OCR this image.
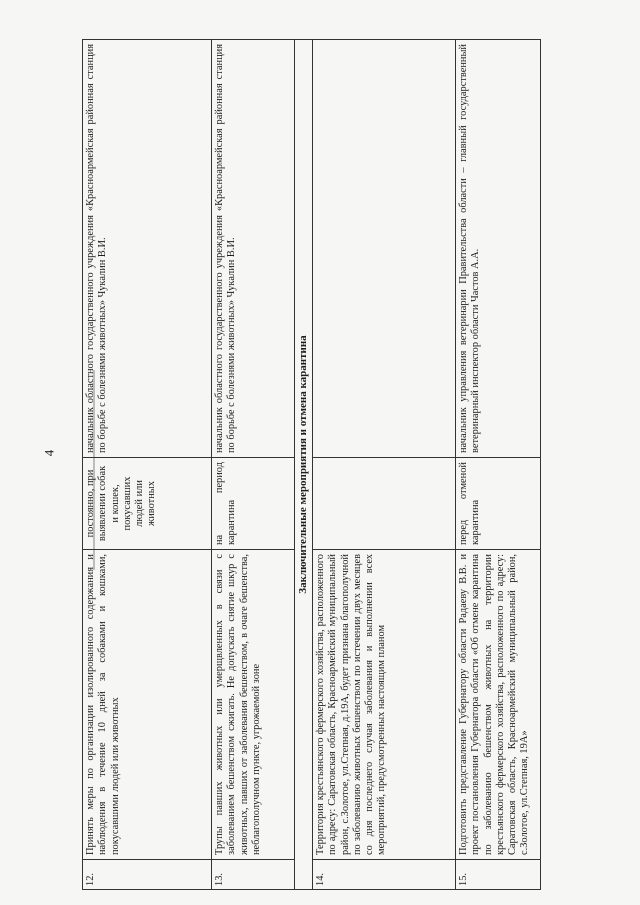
4
12.	Принять меры по организации изолированного содержания и наблюдения в течение 10 дней за собаками и кошками, покусавшими людей или животных	постоянно, при выявлении собак и кошек, покусавших людей или животных	начальник областного государственного учреждения «Красноармейская районная станция по борьбе с болезнями животных» Чукалин В.И.
13.	Трупы павших животных или умерщвленных в связи с заболеванием бешенством сжигать. Не допускать снятие шкур с животных, павших от заболевания бешенством, в очаге бешенства, неблагополучном пункте, угрожаемой зоне	на период карантина	начальник областного государственного учреждения «Красноармейская районная станция по борьбе с болезнями животных» Чукалин В.И.
Заключительные мероприятия и отмена карантина			
14.	Территория крестьянского фермерского хозяйства, расположенного по адресу: Саратовская область, Красноармейский муниципальный район, с.Золотое, ул.Степная, д.19А, будет признана благополучной по заболеванию животных бешенством по истечении двух месяцев со дня последнего случая заболевания и выполнении всех мероприятий, предусмотренных настоящим планом		
15.	Подготовить представление Губернатору области Радаеву В.В. и проект постановления Губернатора области «Об отмене карантина по заболеванию бешенством животных на территории крестьянского фермерского хозяйства, расположенного по адресу: Саратовская область, Красноармейский муниципальный район, с.Золотое, ул.Степная, 19А»	перед отменой карантина	начальник управления ветеринарии Правительства области – главный государственный ветеринарный инспектор области Частов А.А.
